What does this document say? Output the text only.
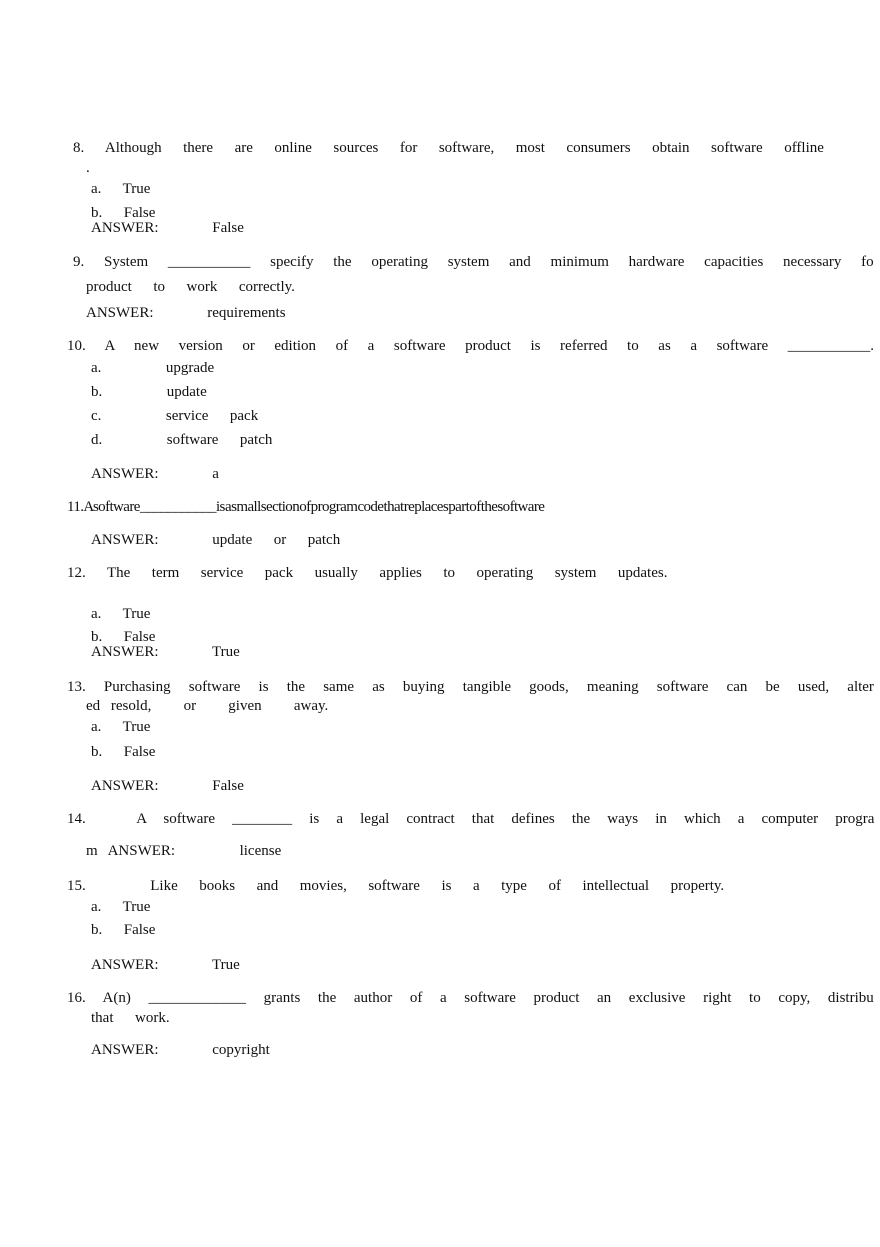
8.  Although  there  are  online  sources  for  software,  most  consumers  obtain  software  offline
.
a.  True
b.  False
ANSWER:     False
9.  System  ___________  specify  the  operating  system  and  minimum  hardware  capacities  necessary  fo
product  to  work  correctly.
ANSWER:     requirements
10.  A  new  version  or  edition  of  a  software  product  is  referred  to  as  a  software  ___________.
a.      upgrade
b.      update
c.      service  pack
d.      software  patch
ANSWER:     a
11.A software ___________ is a small section of program code that replaces part of the software
ANSWER:     update  or  patch
12.  The  term  service  pack  usually  applies  to  operating  system  updates.
a.  True
b.  False
ANSWER:     True
13.  Purchasing  software  is  the  same  as  buying  tangible  goods,  meaning  software  can  be  used,  alter
ed resold,   or   given   away.
a.  True
b.  False
ANSWER:     False
14.      A  software  ________  is  a  legal  contract  that  defines  the  ways  in  which  a  computer  progra
m ANSWER:      license
15.      Like  books  and  movies,  software  is  a  type  of  intellectual  property.
a.  True
b.  False
ANSWER:     True
16.  A(n)  _____________  grants  the  author  of  a  software  product  an  exclusive  right  to  copy,  distribu
that  work.
ANSWER:     copyright
